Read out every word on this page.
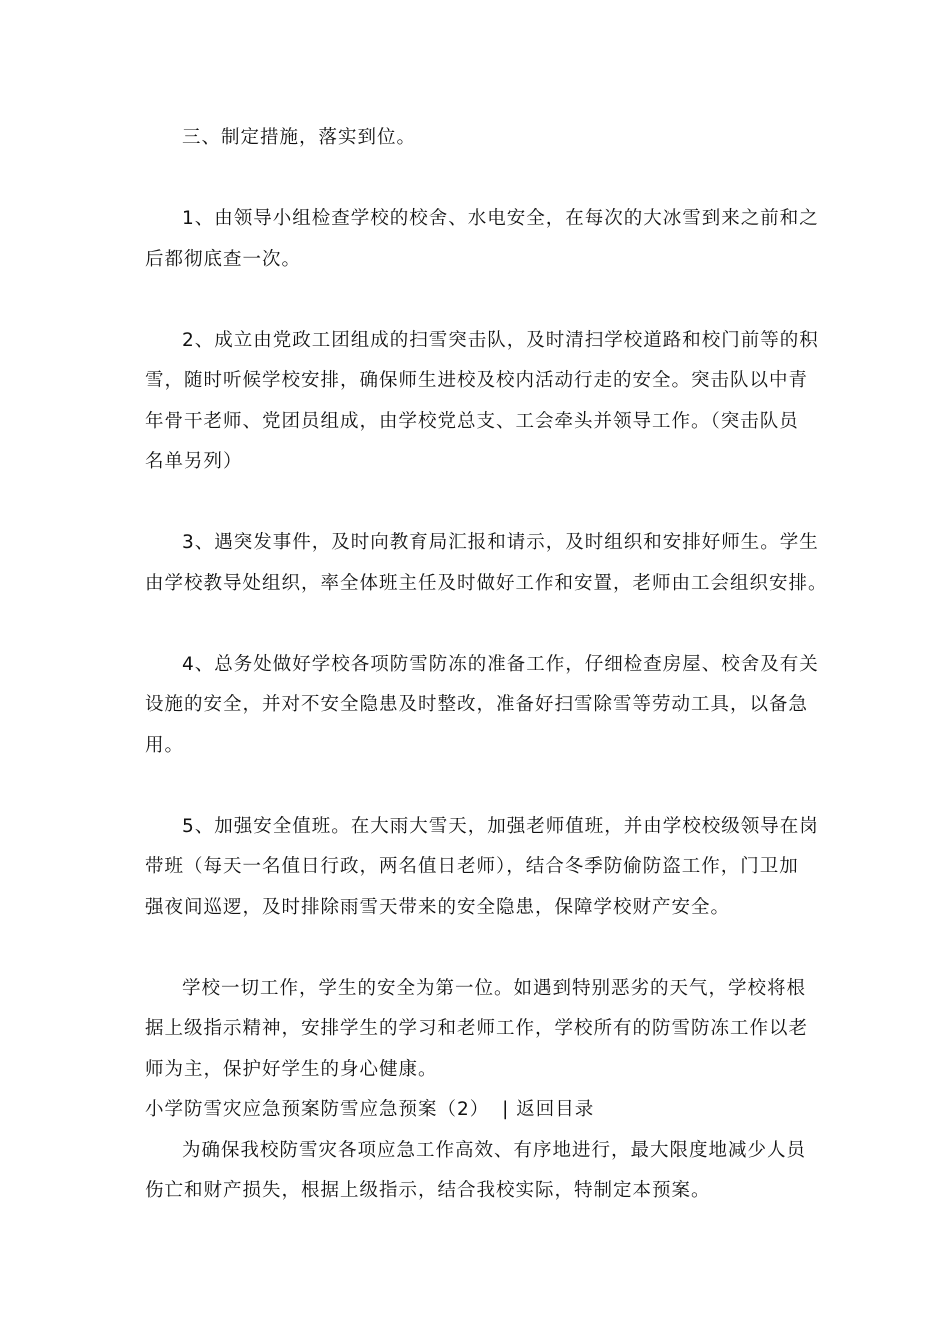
三、制定措施，落实到位。
1、由领导小组检查学校的校舍、水电安全，在每次的大冰雪到来之前和之
后都彻底查一次。
2、成立由党政工团组成的扫雪突击队，及时清扫学校道路和校门前等的积
雪，随时听候学校安排，确保师生进校及校内活动行走的安全。突击队以中青
年骨干老师、党团员组成，由学校党总支、工会牵头并领导工作。（突击队员
名单另列）
3、遇突发事件，及时向教育局汇报和请示，及时组织和安排好师生。学生
由学校教导处组织，率全体班主任及时做好工作和安置，老师由工会组织安排。
4、总务处做好学校各项防雪防冻的准备工作，仔细检查房屋、校舍及有关
设施的安全，并对不安全隐患及时整改，准备好扫雪除雪等劳动工具，以备急
用。
5、加强安全值班。在大雨大雪天，加强老师值班，并由学校校级领导在岗
带班（每天一名值日行政，两名值日老师），结合冬季防偷防盗工作，门卫加
强夜间巡逻，及时排除雨雪天带来的安全隐患，保障学校财产安全。
学校一切工作，学生的安全为第一位。如遇到特别恶劣的天气，学校将根
据上级指示精神，安排学生的学习和老师工作，学校所有的防雪防冻工作以老
师为主，保护好学生的身心健康。
小学防雪灾应急预案防雪应急预案（2） | 返回目录
为确保我校防雪灾各项应急工作高效、有序地进行，最大限度地减少人员
伤亡和财产损失，根据上级指示，结合我校实际，特制定本预案。
